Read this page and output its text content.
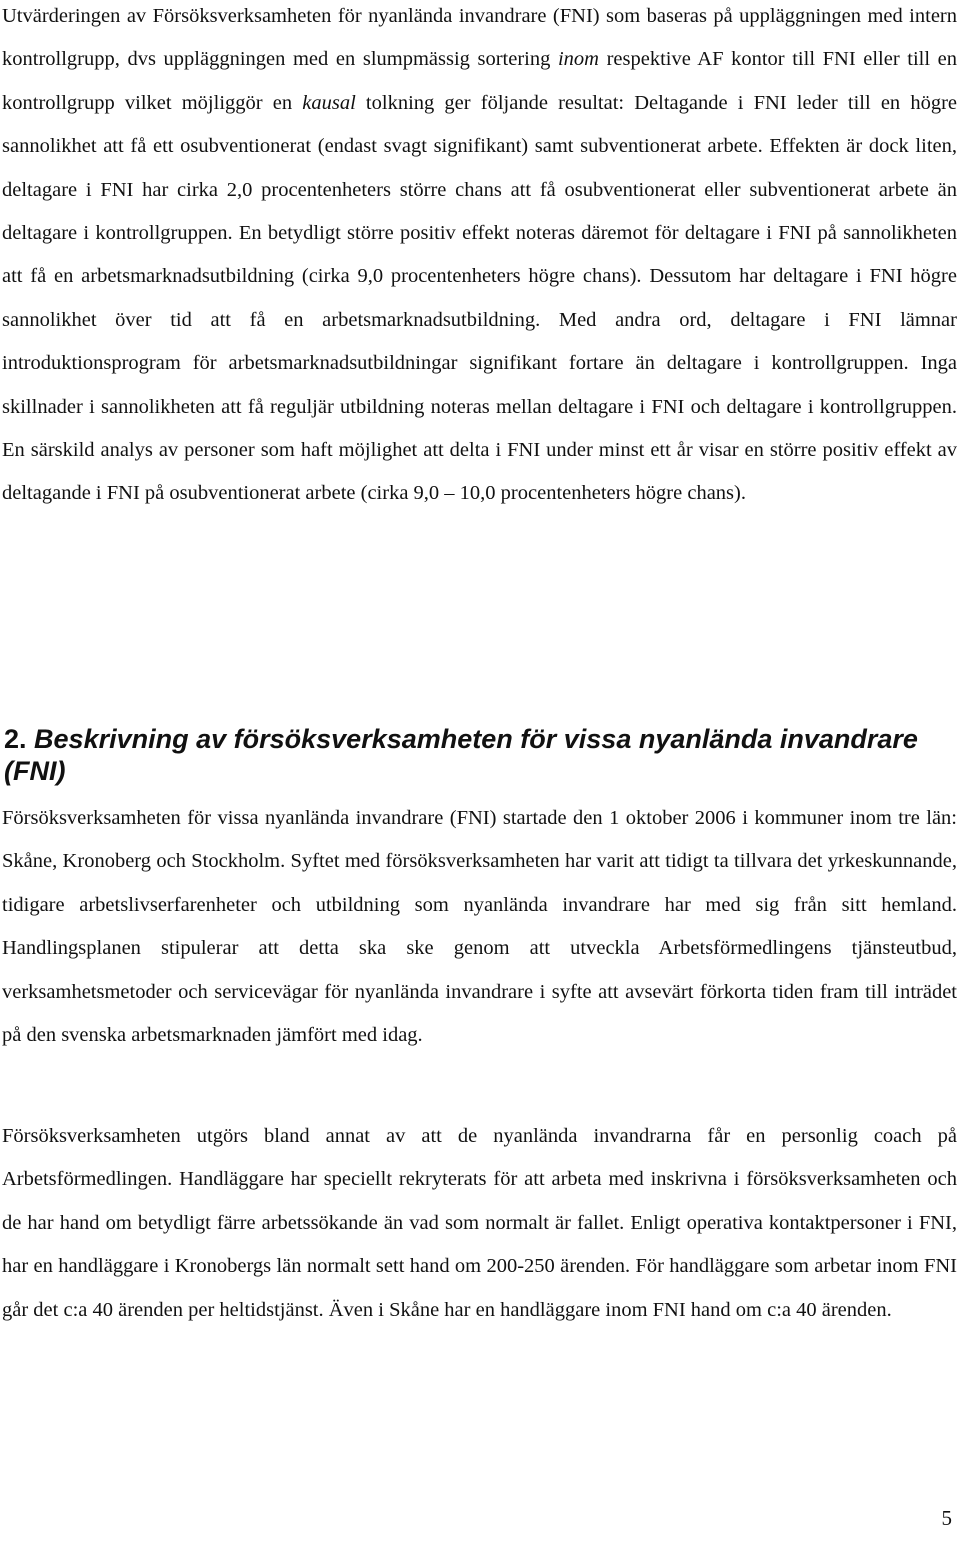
Utvärderingen av Försöksverksamheten för nyanlända invandrare (FNI) som baseras på uppläggningen med intern kontrollgrupp, dvs uppläggningen med en slumpmässig sortering inom respektive AF kontor till FNI eller till en kontrollgrupp vilket möjliggör en kausal tolkning ger följande resultat: Deltagande i FNI leder till en högre sannolikhet att få ett osubventionerat (endast svagt signifikant) samt subventionerat arbete. Effekten är dock liten, deltagare i FNI har cirka 2,0 procentenheters större chans att få osubventionerat eller subventionerat arbete än deltagare i kontrollgruppen. En betydligt större positiv effekt noteras däremot för deltagare i FNI på sannolikheten att få en arbetsmarknadsutbildning (cirka 9,0 procentenheters högre chans). Dessutom har deltagare i FNI högre sannolikhet över tid att få en arbetsmarknadsutbildning. Med andra ord, deltagare i FNI lämnar introduktionsprogram för arbetsmarknadsutbildningar signifikant fortare än deltagare i kontrollgruppen. Inga skillnader i sannolikheten att få reguljär utbildning noteras mellan deltagare i FNI och deltagare i kontrollgruppen. En särskild analys av personer som haft möjlighet att delta i FNI under minst ett år visar en större positiv effekt av deltagande i FNI på osubventionerat arbete (cirka 9,0 – 10,0 procentenheters högre chans).

2. Beskrivning av försöksverksamheten för vissa nyanlända invandrare (FNI)

Försöksverksamheten för vissa nyanlända invandrare (FNI) startade den 1 oktober 2006 i kommuner inom tre län: Skåne, Kronoberg och Stockholm. Syftet med försöksverksamheten har varit att tidigt ta tillvara det yrkeskunnande, tidigare arbetslivserfarenheter och utbildning som nyanlända invandrare har med sig från sitt hemland. Handlingsplanen stipulerar att detta ska ske genom att utveckla Arbetsförmedlingens tjänsteutbud, verksamhetsmetoder och servicevägar för nyanlända invandrare i syfte att avsevärt förkorta tiden fram till inträdet på den svenska arbetsmarknaden jämfört med idag.

Försöksverksamheten utgörs bland annat av att de nyanlända invandrarna får en personlig coach på Arbetsförmedlingen. Handläggare har speciellt rekryterats för att arbeta med inskrivna i försöksverksamheten och de har hand om betydligt färre arbetssökande än vad som normalt är fallet. Enligt operativa kontaktpersoner i FNI, har en handläggare i Kronobergs län normalt sett hand om 200-250 ärenden. För handläggare som arbetar inom FNI går det c:a 40 ärenden per heltidstjänst. Även i Skåne har en handläggare inom FNI hand om c:a 40 ärenden.

5
